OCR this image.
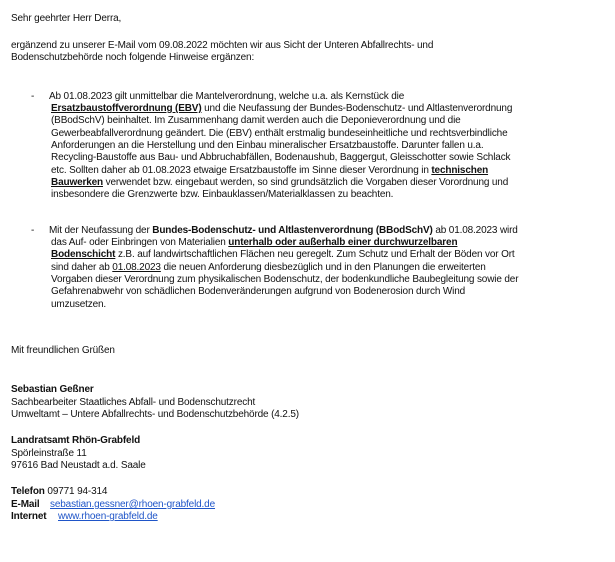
Sehr geehrter Herr Derra,

ergänzend zu unserer E-Mail vom 09.08.2022 möchten wir aus Sicht der Unteren Abfallrechts- und

Bodenschutzbehörde noch folgende Hinweise ergänzen:

- Ab 01.08.2023 gilt unmittelbar die Mantelverordnung, welche u.a. als Kernstück die

Ersatzbaustoffverordnung (EBV) und die Neufassung der Bundes-Bodenschutz- und Altlastenverordnung

(BBodSchV) beinhaltet. Im Zusammenhang damit werden auch die Deponieverordnung und die

Gewerbeabfallverordnung geändert. Die (EBV) enthält erstmalig bundeseinheitliche und rechtsverbindliche

Anforderungen an die Herstellung und den Einbau mineralischer Ersatzbaustoffe. Darunter fallen u.a.

Recycling-Baustoffe aus Bau- und Abbruchabfällen, Bodenaushub, Baggergut, Gleisschotter sowie Schlack

etc. Sollten daher ab 01.08.2023 etwaige Ersatzbaustoffe im Sinne dieser Verordnung in technischen

Bauwerken verwendet bzw. eingebaut werden, so sind grundsätzlich die Vorgaben dieser Vorordnung und

insbesondere die Grenzwerte bzw. Einbauklassen/Materialklassen zu beachten.

- Mit der Neufassung der Bundes-Bodenschutz- und Altlastenverordnung (BBodSchV) ab 01.08.2023 wird

das Auf- oder Einbringen von Materialien unterhalb oder außerhalb einer durchwurzelbaren

Bodenschicht z.B. auf landwirtschaftlichen Flächen neu geregelt. Zum Schutz und Erhalt der Böden vor Ort

sind daher ab 01.08.2023 die neuen Anforderung diesbezüglich und in den Planungen die erweiterten

Vorgaben dieser Verordnung zum physikalischen Bodenschutz, der bodenkundliche Baubegleitung sowie der

Gefahrenabwehr von schädlichen Bodenveränderungen aufgrund von Bodenerosion durch Wind

umzusetzen.

Mit freundlichen Grüßen

Sebastian Geßner

Sachbearbeiter Staatliches Abfall- und Bodenschutzrecht

Umweltamt – Untere Abfallrechts- und Bodenschutzbehörde (4.2.5)

Landratsamt Rhön-Grabfeld

Spörleinstraße 11

97616 Bad Neustadt a.d. Saale

Telefon 09771 94-314

E-Mail sebastian.gessner@rhoen-grabfeld.de

Internet www.rhoen-grabfeld.de
